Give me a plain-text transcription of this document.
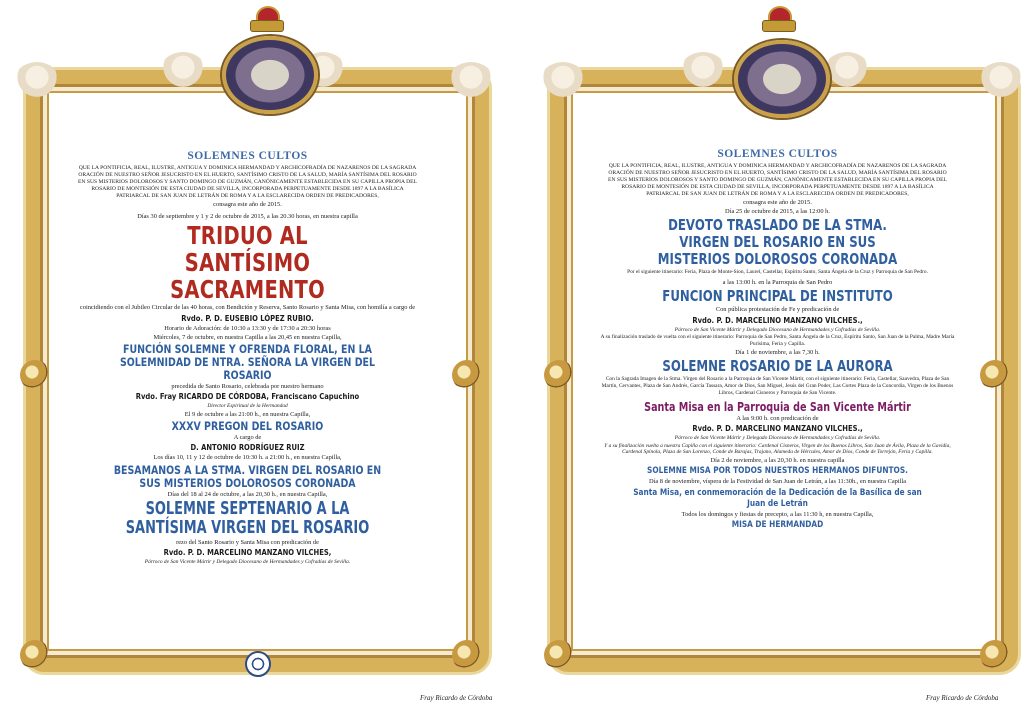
SOLEMNES CULTOS
QUE LA PONTIFICIA, REAL, ILUSTRE, ANTIGUA Y DOMINICA HERMANDAD Y ARCHICOFRADÍA DE NAZARENOS DE LA SAGRADA ORACIÓN DE NUESTRO SEÑOR JESUCRISTO EN EL HUERTO, SANTÍSIMO CRISTO DE LA SALUD, MARÍA SANTÍSIMA DEL ROSARIO EN SUS MISTERIOS DOLOROSOS Y SANTO DOMINGO DE GUZMÁN, CANÓNICAMENTE ESTABLECIDA EN SU CAPILLA PROPIA DEL ROSARIO DE MONTESIÓN DE ESTA CIUDAD DE SEVILLA, INCORPORADA PERPETUAMENTE DESDE 1897 A LA BASÍLICA PATRIARCAL DE SAN JUAN DE LETRÁN DE ROMA Y A LA ESCLARECIDA ORDEN DE PREDICADORES,
consagra este año de 2015.
Días 30 de septiembre y 1 y 2 de octubre de 2015, a las 20.30 horas, en nuestra capilla
TRIDUO AL
SANTÍSIMO SACRAMENTO
coincidiendo con el Jubileo Circular de las 40 horas, con Bendición y Reserva, Santo Rosario y Santa Misa, con homilía a cargo de
Rvdo. P. D. EUSEBIO LÓPEZ RUBIO.
Horario de Adoración: de 10:30 a 13:30 y de 17:30 a 20:30 horas
Miércoles, 7 de octubre, en nuestra Capilla a las 20,45 en nuestra Capilla,
FUNCIÓN SOLEMNE Y OFRENDA FLORAL, EN LA SOLEMNIDAD DE NTRA. SEÑORA LA VIRGEN DEL ROSARIO
precedida de Santo Rosario, celebrada por nuestro hermano
Rvdo. Fray RICARDO DE CÓRDOBA, Franciscano Capuchino
Director Espiritual de la Hermandad
El 9 de octubre a las 21:00 h., en nuestra Capilla,
XXXV PREGON DEL ROSARIO
A cargo de
D. ANTONIO RODRÍGUEZ RUIZ
Los días 10, 11 y 12 de octubre de 10:30 h. a 21:00 h., en nuestra Capilla,
BESAMANOS A LA STMA. VIRGEN DEL ROSARIO EN SUS MISTERIOS DOLOROSOS CORONADA
Días del 18 al 24 de octubre, a las 20,30 h., en nuestra Capilla,
SOLEMNE SEPTENARIO A LA
SANTÍSIMA VIRGEN DEL ROSARIO
rezo del Santo Rosario y Santa Misa con predicación de
Rvdo. P. D. MARCELINO MANZANO VILCHES,
Párroco de San Vicente Mártir y Delegado Diocesano de Hermandades y Cofradías de Sevilla.
Fray Ricardo de Córdoba
SOLEMNES CULTOS
QUE LA PONTIFICIA, REAL, ILUSTRE, ANTIGUA Y DOMINICA HERMANDAD Y ARCHICOFRADÍA DE NAZARENOS DE LA SAGRADA ORACIÓN DE NUESTRO SEÑOR JESUCRISTO EN EL HUERTO, SANTÍSIMO CRISTO DE LA SALUD, MARÍA SANTÍSIMA DEL ROSARIO EN SUS MISTERIOS DOLOROSOS Y SANTO DOMINGO DE GUZMÁN, CANÓNICAMENTE ESTABLECIDA EN SU CAPILLA PROPIA DEL ROSARIO DE MONTESIÓN DE ESTA CIUDAD DE SEVILLA, INCORPORADA PERPETUAMENTE DESDE 1897 A LA BASÍLICA PATRIARCAL DE SAN JUAN DE LETRÁN DE ROMA Y A LA ESCLARECIDA ORDEN DE PREDICADORES,
consagra este año de 2015.
Día 25 de octubre de 2015, a las 12:00 h.
DEVOTO TRASLADO DE LA STMA. VIRGEN DEL ROSARIO EN SUS MISTERIOS DOLOROSOS CORONADA
Por el siguiente itinerario: Feria, Plaza de Monte-Sion, Laurel, Castellar, Espíritu Santo, Santa Ángela de la Cruz y Parroquia de San Pedro.
a las 13:00 h. en la Parroquia de San Pedro
FUNCION PRINCIPAL DE INSTITUTO
Con pública protestación de Fe y predicación de
Rvdo. P. D. MARCELINO MANZANO VILCHES.,
Párroco de San Vicente Mártir y Delegado Diocesano de Hermandades y Cofradías de Sevilla.
A su finalización traslado de vuelta con el siguiente itinerario: Parroquia de San Pedro, Santa Ángela de la Cruz, Espíritu Santo, San Juan de la Palma, Madre María Purísima, Feria y Capilla.
Día 1 de noviembre, a las 7,30 h.
SOLEMNE ROSARIO DE LA AURORA
Con la Sagrada Imagen de la Stma. Virgen del Rosario a la Parroquia de San Vicente Mártir, con el siguiente itinerario: Feria, Castellar, Saavedra, Plaza de San Martín, Cervantes, Plaza de San Andrés, García Tassara, Amor de Dios, San Miguel, Jesús del Gran Poder, Las Cortes Plaza de la Concordia, Virgen de los Buenos Libros, Cardenal Cisneros y Parroquia de San Vicente.
Santa Misa en la Parroquia de San Vicente Mártir
A las 9:00 h. con predicación de
Rvdo. P. D. MARCELINO MANZANO VILCHES.,
Párroco de San Vicente Mártir y Delegado Diocesano de Hermandades y Cofradías de Sevilla.
Y a su finalización vuelta a nuestra Capilla con el siguiente itinerario: Cardenal Cisneros, Virgen de los Buenos Libros, San Juan de Ávila, Plaza de la Gavidia, Cardenal Spínola, Plaza de San Lorenzo, Conde de Barajas, Trajano, Alameda de Hércules, Amor de Dios, Conde de Torrejón, Feria y Capilla.
Día 2 de noviembre, a las 20,30 h. en nuestra capilla
SOLEMNE MISA POR TODOS NUESTROS HERMANOS DIFUNTOS.
Día 8 de noviembre, víspera de la Festividad de San Juan de Letrán, a las 11:30h., en nuestra Capilla
Santa Misa, en conmemoración de la Dedicación de la Basílica de san Juan de Letrán
Todos los domingos y fiestas de precepto, a las 11:30 h, en nuestra Capilla,
MISA DE HERMANDAD
Fray Ricardo de Córdoba
